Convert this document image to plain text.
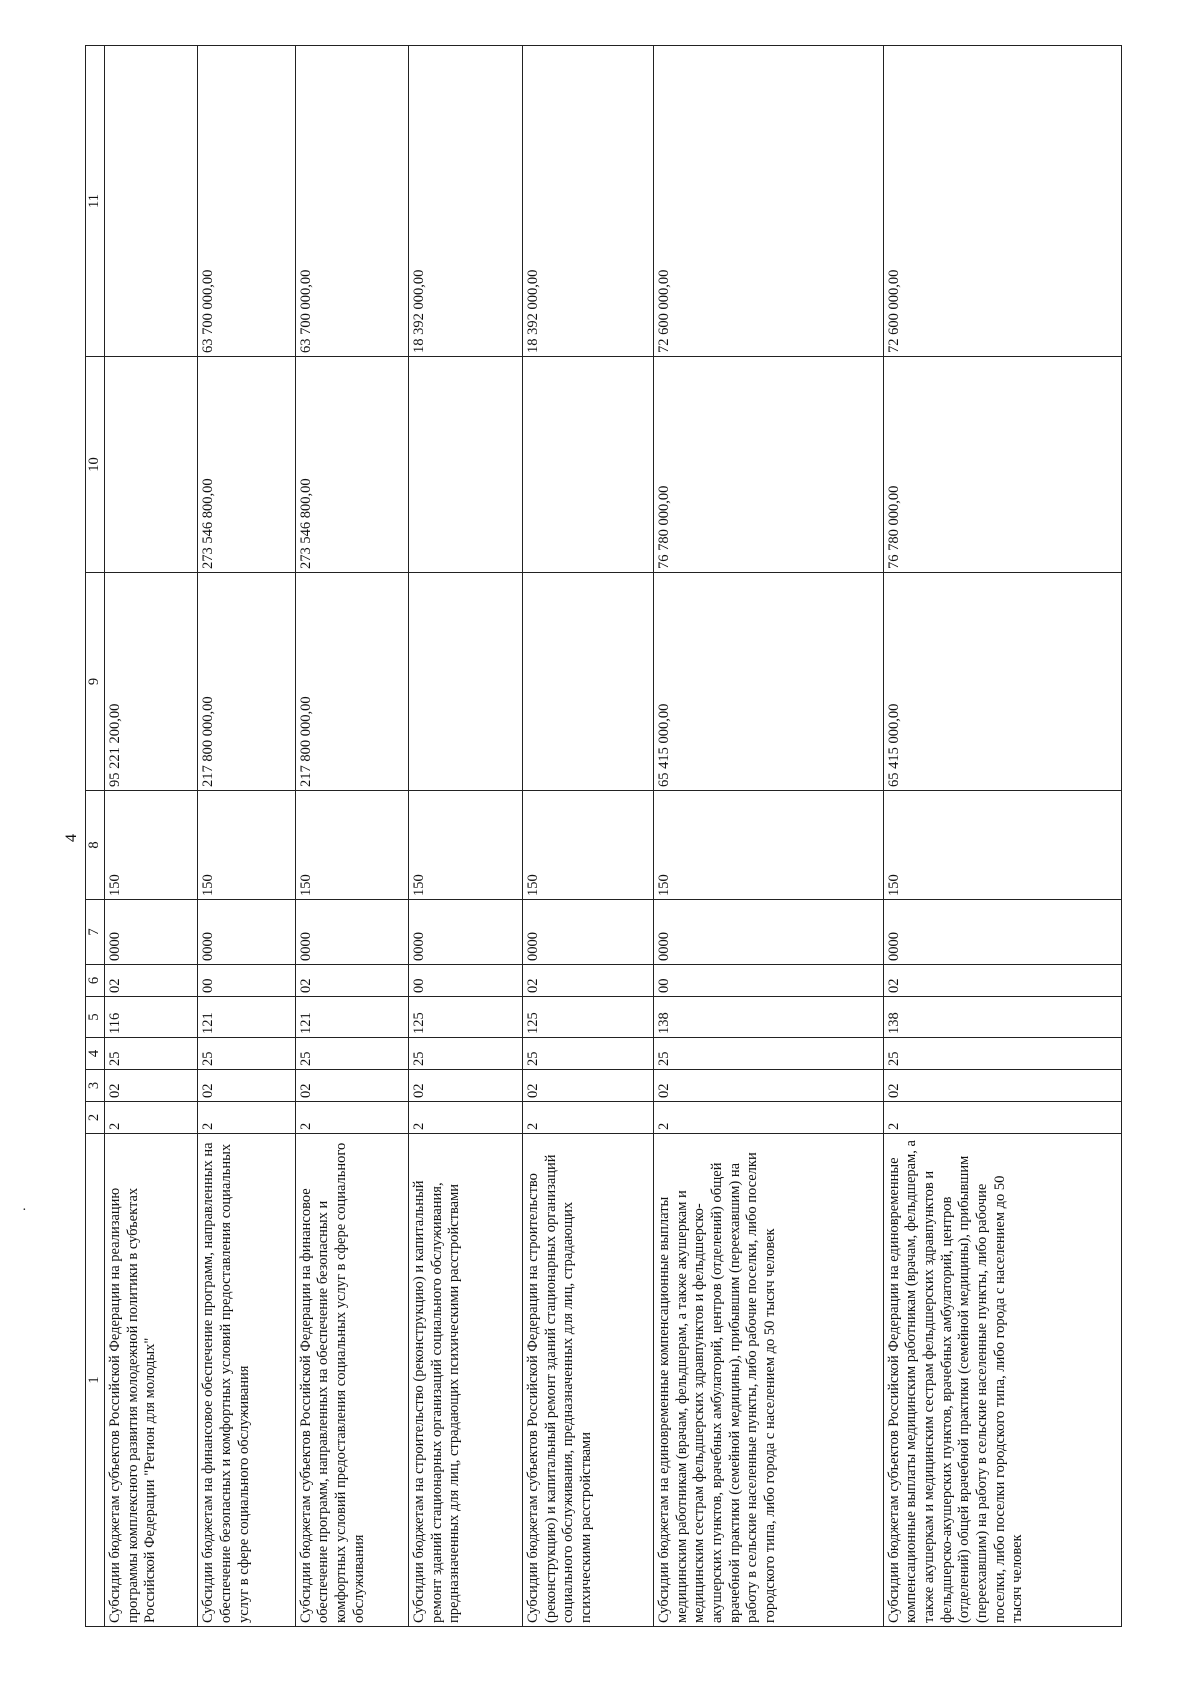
4
·
1	2	3	4	5	6	7	8	9	10	11
Субсидии бюджетам субъектов Российской Федерации на реализацию программы комплексного развития молодежной политики в субъектах Российской Федерации "Регион для молодых"	2	02	25	116	02	0000	150	95 221 200,00		
Субсидии бюджетам на финансовое обеспечение программ, направленных на обеспечение безопасных и комфортных условий предоставления социальных услуг в сфере социального обслуживания	2	02	25	121	00	0000	150	217 800 000,00	273 546 800,00	63 700 000,00
Субсидии бюджетам субъектов Российской Федерации на финансовое обеспечение программ, направленных на обеспечение безопасных и комфортных условий предоставления социальных услуг в сфере социального обслуживания	2	02	25	121	02	0000	150	217 800 000,00	273 546 800,00	63 700 000,00
Субсидии бюджетам на строительство (реконструкцию) и капитальный ремонт зданий стационарных организаций социального обслуживания, предназначенных для лиц, страдающих психическими расстройствами	2	02	25	125	00	0000	150			18 392 000,00
Субсидии бюджетам субъектов Российской Федерации на строительство (реконструкцию) и капитальный ремонт зданий стационарных организаций социального обслуживания, предназначенных для лиц, страдающих психическими расстройствами	2	02	25	125	02	0000	150			18 392 000,00
Субсидии бюджетам на единовременные компенсационные выплаты медицинским работникам (врачам, фельдшерам, а также акушеркам и медицинским сестрам фельдшерских здравпунктов и фельдшерско-акушерских пунктов, врачебных амбулаторий, центров (отделений) общей врачебной практики (семейной медицины), прибывшим (переехавшим) на работу в сельские населенные пункты, либо рабочие поселки, либо поселки городского типа, либо города с населением до 50 тысяч человек	2	02	25	138	00	0000	150	65 415 000,00	76 780 000,00	72 600 000,00
Субсидии бюджетам субъектов Российской Федерации на единовременные компенсационные выплаты медицинским работникам (врачам, фельдшерам, а также акушеркам и медицинским сестрам фельдшерских здравпунктов и фельдшерско-акушерских пунктов, врачебных амбулаторий, центров (отделений) общей врачебной практики (семейной медицины), прибывшим (переехавшим) на работу в сельские населенные пункты, либо рабочие поселки, либо поселки городского типа, либо города с населением до 50 тысяч человек	2	02	25	138	02	0000	150	65 415 000,00	76 780 000,00	72 600 000,00
